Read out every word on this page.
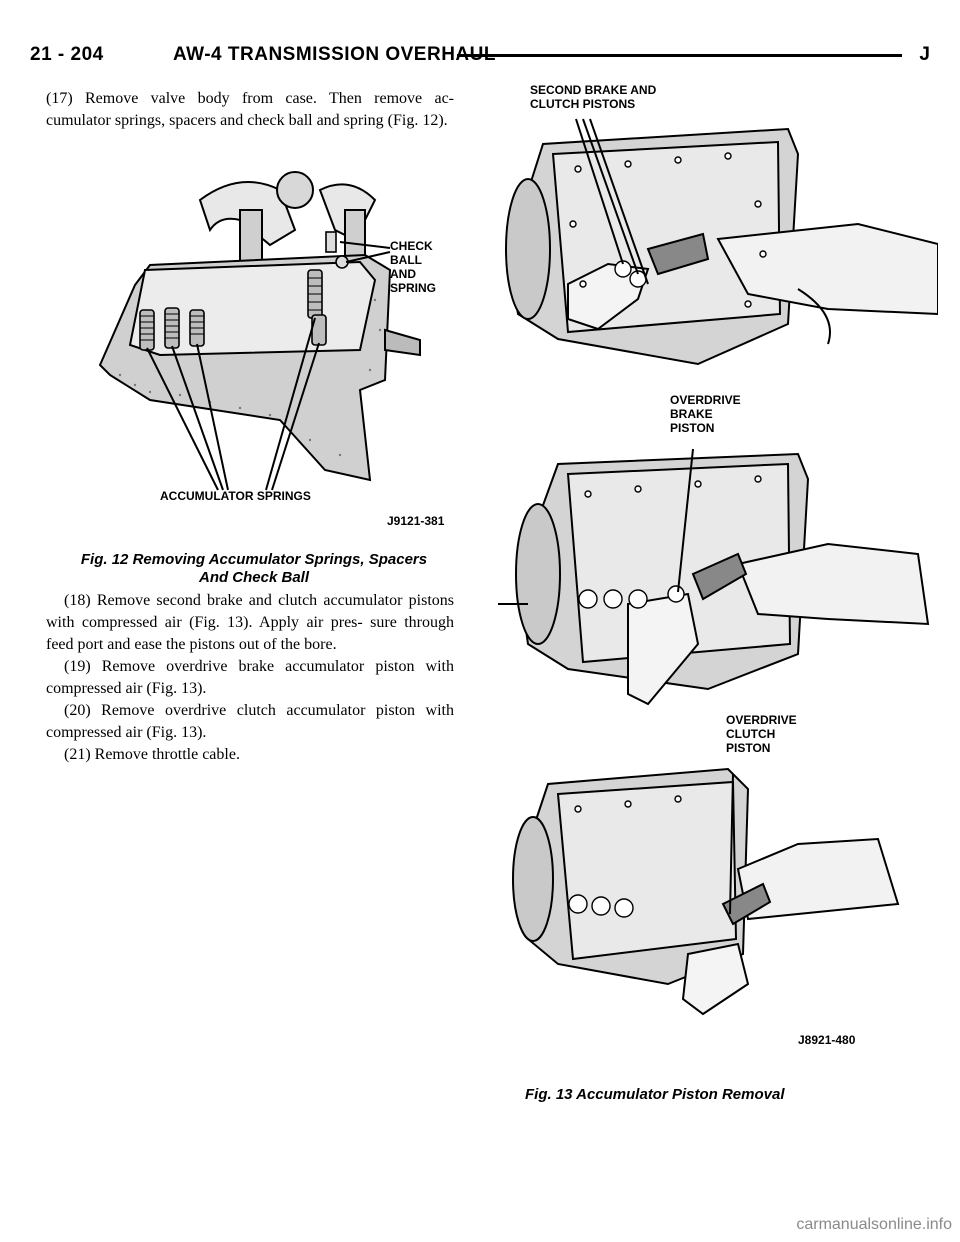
21 - 204	AW-4 TRANSMISSION OVERHAUL	J

(17) Remove valve body from case. Then remove ac- cumulator springs, spacers and check ball and spring (Fig. 12).

CHECK BALL AND SPRING
ACCUMULATOR SPRINGS
J9121-381
Fig. 12 Removing Accumulator Springs, Spacers
And Check Ball

(18) Remove second brake and clutch accumulator pistons with compressed air (Fig. 13). Apply air pres- sure through feed port and ease the pistons out of the bore.

(19) Remove overdrive brake accumulator piston with compressed air (Fig. 13).

(20) Remove overdrive clutch accumulator piston with compressed air (Fig. 13).

(21) Remove throttle cable.

SECOND BRAKE AND CLUTCH PISTONS
OVERDRIVE BRAKE PISTON
OVERDRIVE CLUTCH PISTON
J8921-480
Fig. 13 Accumulator Piston Removal
carmanualsonline.info
